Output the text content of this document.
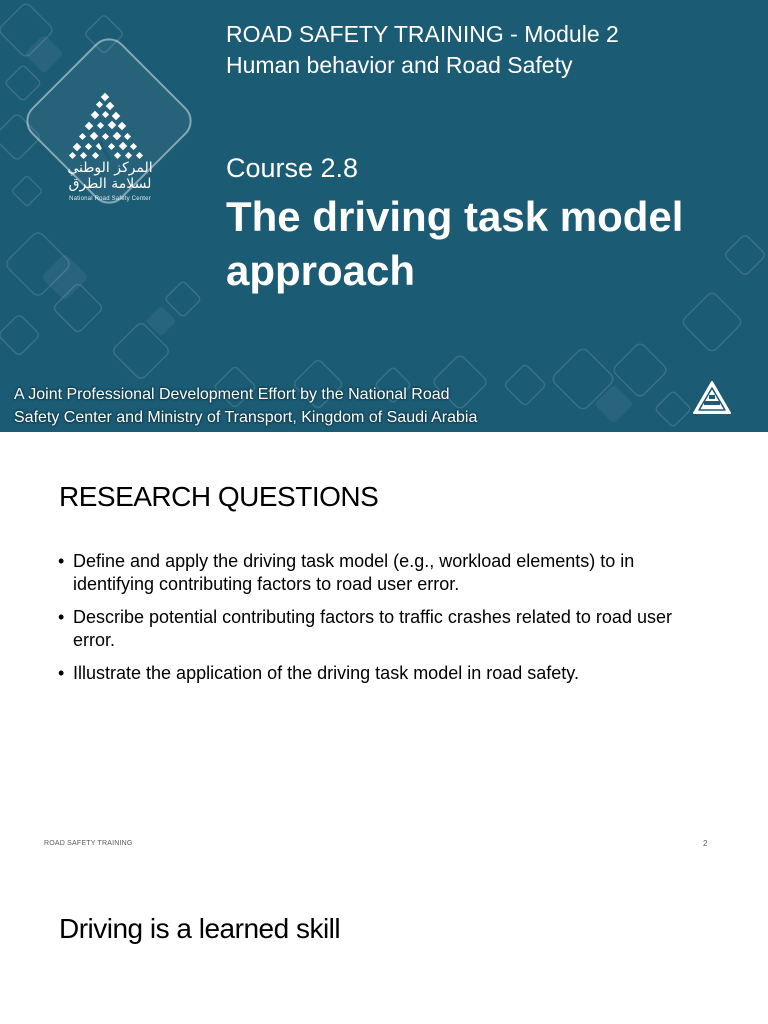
المركز الوطني
لسلامة الطرق
National Road Safety Center
ROAD SAFETY TRAINING - Module 2
Human behavior and Road Safety
Course 2.8
The driving task model approach
A Joint Professional Development Effort by the National Road
Safety Center and Ministry of Transport, Kingdom of Saudi Arabia
RESEARCH QUESTIONS
• Define and apply the driving task model (e.g., workload elements) to in identifying contributing factors to road user error.
• Describe potential contributing factors to traffic crashes related to road user error.
• Illustrate the application of the driving task model in road safety.
ROAD SAFETY TRAINING	2
Driving is a learned skill
